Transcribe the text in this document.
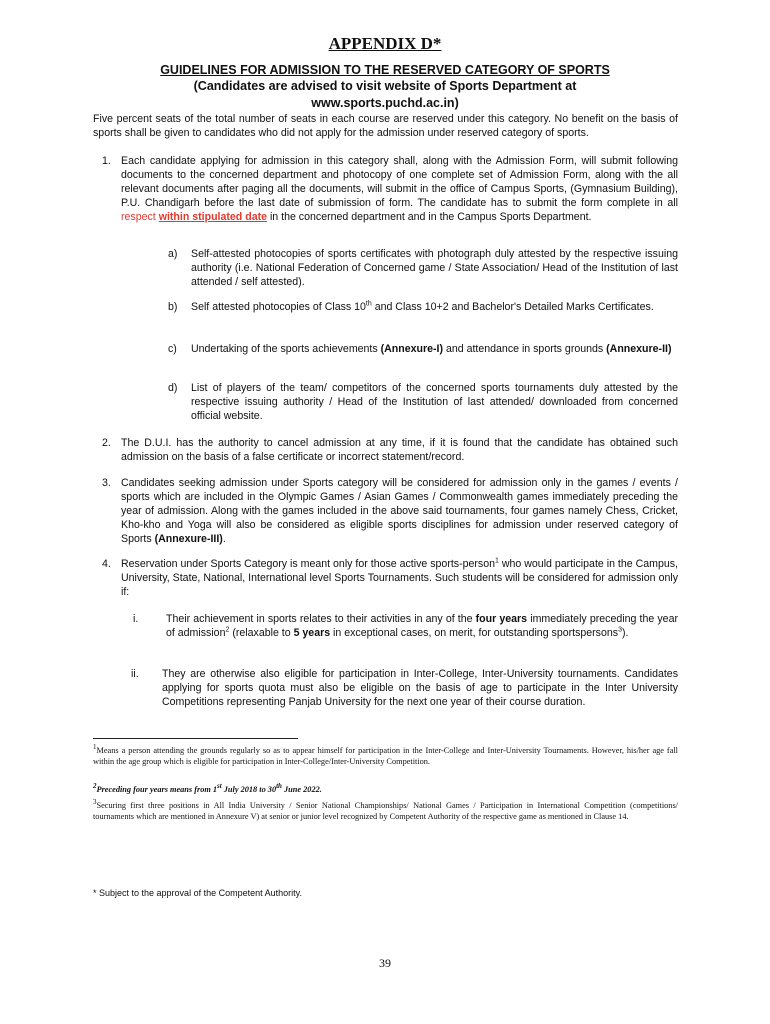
APPENDIX D*
GUIDELINES FOR ADMISSION TO THE RESERVED CATEGORY OF SPORTS
(Candidates are advised to visit website of Sports Department at
www.sports.puchd.ac.in)
Five percent seats of the total number of seats in each course are reserved under this category. No benefit on the basis of sports shall be given to candidates who did not apply for the admission under reserved category of sports.
1. Each candidate applying for admission in this category shall, along with the Admission Form, will submit following documents to the concerned department and photocopy of one complete set of Admission Form, along with the all relevant documents after paging all the documents, will submit in the office of Campus Sports, (Gymnasium Building), P.U. Chandigarh before the last date of submission of form. The candidate has to submit the form complete in all respect within stipulated date in the concerned department and in the Campus Sports Department.
a) Self-attested photocopies of sports certificates with photograph duly attested by the respective issuing authority (i.e. National Federation of Concerned game / State Association/ Head of the Institution of last attended / self attested).
b) Self attested photocopies of Class 10th and Class 10+2 and Bachelor's Detailed Marks Certificates.
c) Undertaking of the sports achievements (Annexure-I) and attendance in sports grounds (Annexure-II)
d) List of players of the team/ competitors of the concerned sports tournaments duly attested by the respective issuing authority / Head of the Institution of last attended/ downloaded from concerned official website.
2. The D.U.I. has the authority to cancel admission at any time, if it is found that the candidate has obtained such admission on the basis of a false certificate or incorrect statement/record.
3. Candidates seeking admission under Sports category will be considered for admission only in the games / events / sports which are included in the Olympic Games / Asian Games / Commonwealth games immediately preceding the year of admission. Along with the games included in the above said tournaments, four games namely Chess, Cricket, Kho-kho and Yoga will also be considered as eligible sports disciplines for admission under reserved category of Sports (Annexure-III).
4. Reservation under Sports Category is meant only for those active sports-person$^1$ who would participate in the Campus, University, State, National, International level Sports Tournaments. Such students will be considered for admission only if:
i.	Their achievement in sports relates to their activities in any of the four years immediately preceding the year of admission$^2$ (relaxable to 5 years in exceptional cases, on merit, for outstanding sportspersons$^3$).
ii. They are otherwise also eligible for participation in Inter-College, Inter-University tournaments. Candidates applying for sports quota must also be eligible on the basis of age to participate in the Inter University Competitions representing Panjab University for the next one year of their course duration.
$^1$Means a person attending the grounds regularly so as to appear himself for participation in the Inter-College and Inter-University Tournaments. However, his/her age fall within the age group which is eligible for participation in Inter-College/Inter-University Competition.
$^2$Preceding four years means from 1st July 2018 to 30th June 2022.
$^3$Securing first three positions in All India University / Senior National Championships/ National Games / Participation in International Competition (competitions/ tournaments which are mentioned in Annexure V) at senior or junior level recognized by Competent Authority of the respective game as mentioned in Clause 14.
* Subject to the approval of the Competent Authority.
39
